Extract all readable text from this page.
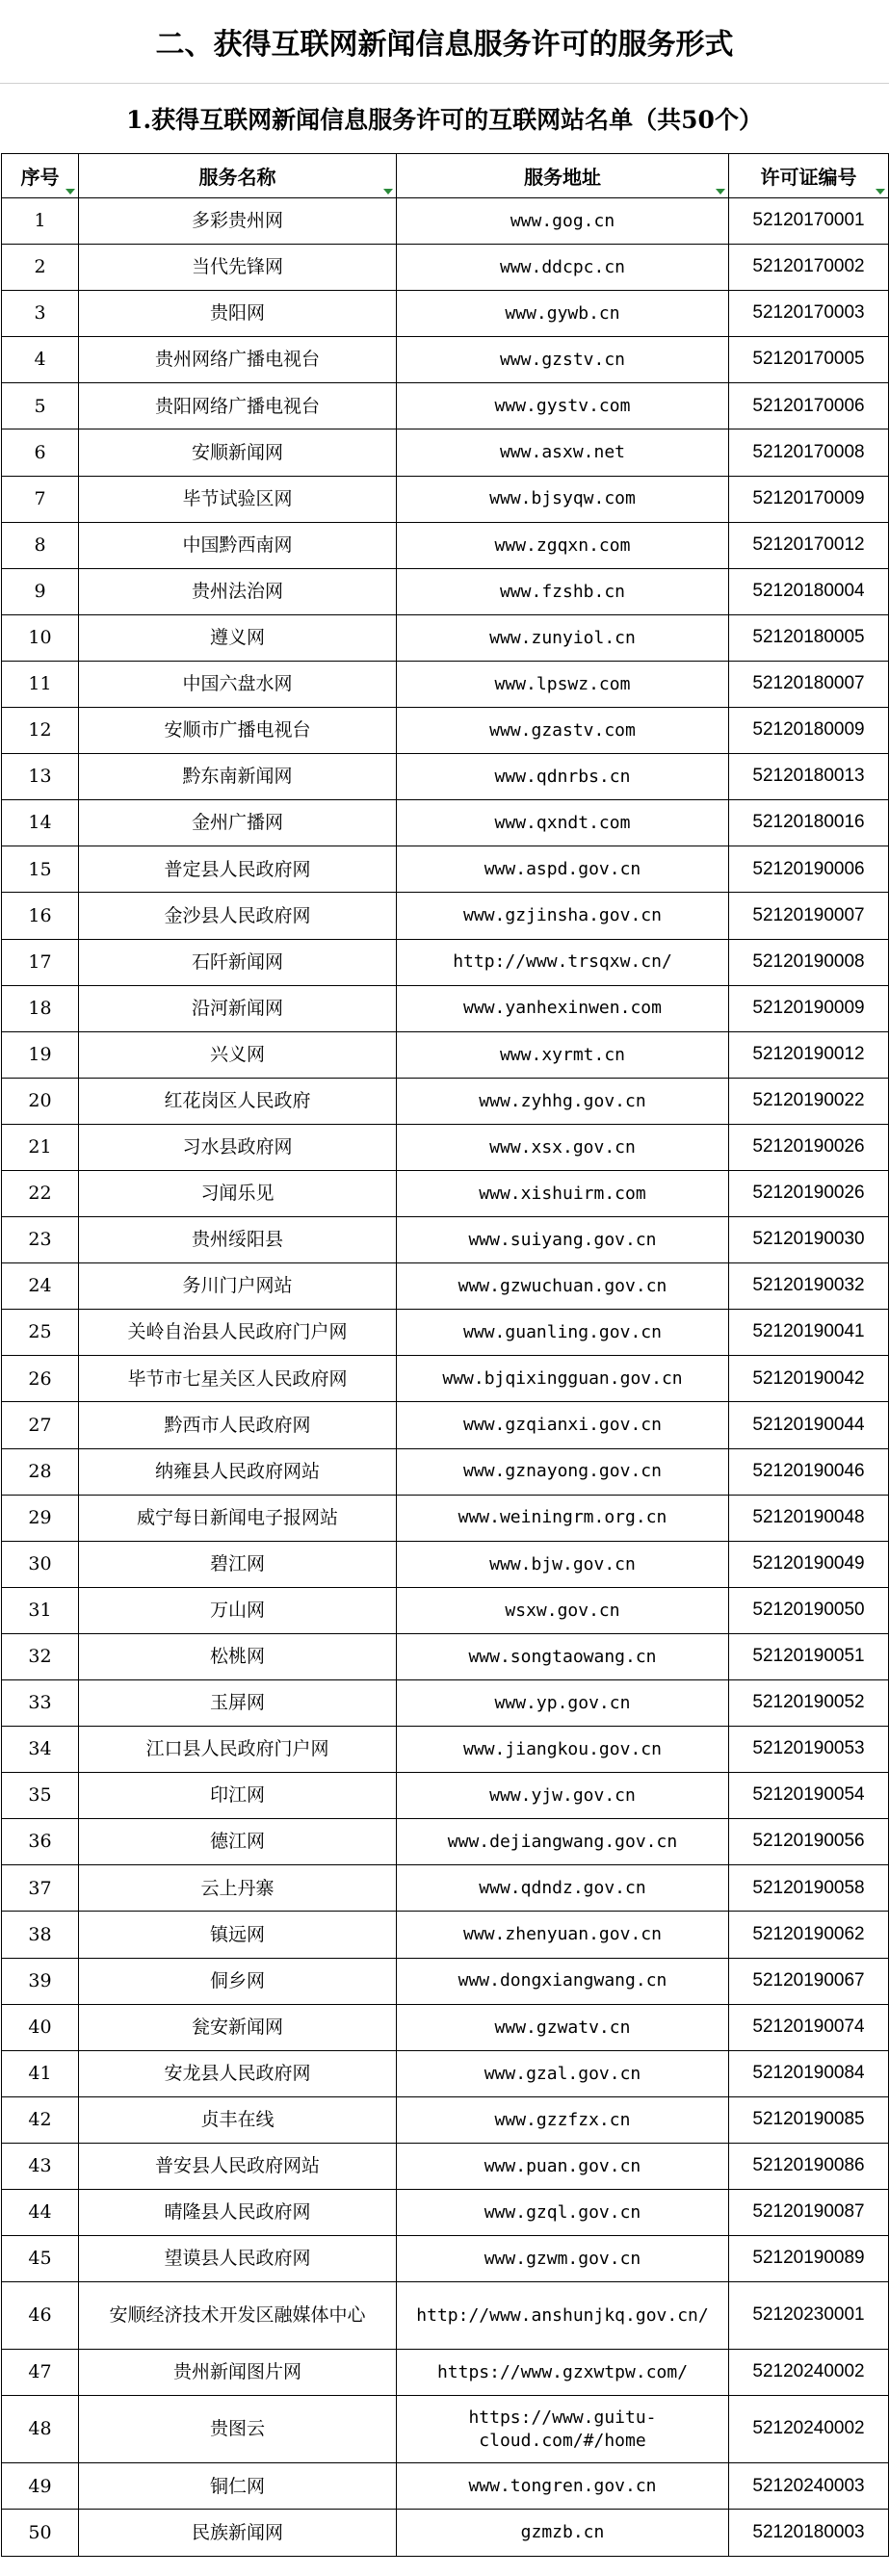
二、获得互联网新闻信息服务许可的服务形式
1.获得互联网新闻信息服务许可的互联网站名单（共50个）
序号	服务名称	服务地址	许可证编号

1	多彩贵州网	www.gog.cn	52120170001
2	当代先锋网	www.ddcpc.cn	52120170002
3	贵阳网	www.gywb.cn	52120170003
4	贵州网络广播电视台	www.gzstv.cn	52120170005
5	贵阳网络广播电视台	www.gystv.com	52120170006
6	安顺新闻网	www.asxw.net	52120170008
7	毕节试验区网	www.bjsyqw.com	52120170009
8	中国黔西南网	www.zgqxn.com	52120170012
9	贵州法治网	www.fzshb.cn	52120180004
10	遵义网	www.zunyiol.cn	52120180005
11	中国六盘水网	www.lpswz.com	52120180007
12	安顺市广播电视台	www.gzastv.com	52120180009
13	黔东南新闻网	www.qdnrbs.cn	52120180013
14	金州广播网	www.qxndt.com	52120180016
15	普定县人民政府网	www.aspd.gov.cn	52120190006
16	金沙县人民政府网	www.gzjinsha.gov.cn	52120190007
17	石阡新闻网	http://www.trsqxw.cn/	52120190008
18	沿河新闻网	www.yanhexinwen.com	52120190009
19	兴义网	www.xyrmt.cn	52120190012
20	红花岗区人民政府	www.zyhhg.gov.cn	52120190022
21	习水县政府网	www.xsx.gov.cn	52120190026
22	习闻乐见	www.xishuirm.com	52120190026
23	贵州绥阳县	www.suiyang.gov.cn	52120190030
24	务川门户网站	www.gzwuchuan.gov.cn	52120190032
25	关岭自治县人民政府门户网	www.guanling.gov.cn	52120190041
26	毕节市七星关区人民政府网	www.bjqixingguan.gov.cn	52120190042
27	黔西市人民政府网	www.gzqianxi.gov.cn	52120190044
28	纳雍县人民政府网站	www.gznayong.gov.cn	52120190046
29	威宁每日新闻电子报网站	www.weiningrm.org.cn	52120190048
30	碧江网	www.bjw.gov.cn	52120190049
31	万山网	wsxw.gov.cn	52120190050
32	松桃网	www.songtaowang.cn	52120190051
33	玉屏网	www.yp.gov.cn	52120190052
34	江口县人民政府门户网	www.jiangkou.gov.cn	52120190053
35	印江网	www.yjw.gov.cn	52120190054
36	德江网	www.dejiangwang.gov.cn	52120190056
37	云上丹寨	www.qdndz.gov.cn	52120190058
38	镇远网	www.zhenyuan.gov.cn	52120190062
39	侗乡网	www.dongxiangwang.cn	52120190067
40	瓮安新闻网	www.gzwatv.cn	52120190074
41	安龙县人民政府网	www.gzal.gov.cn	52120190084
42	贞丰在线	www.gzzfzx.cn	52120190085
43	普安县人民政府网站	www.puan.gov.cn	52120190086
44	晴隆县人民政府网	www.gzql.gov.cn	52120190087
45	望谟县人民政府网	www.gzwm.gov.cn	52120190089
46	安顺经济技术开发区融媒体中心	http://www.anshunjkq.gov.cn/	52120230001
47	贵州新闻图片网	https://www.gzxwtpw.com/	52120240002
48	贵图云	https://www.guitu-cloud.com/#/home	52120240002
49	铜仁网	www.tongren.gov.cn	52120240003
50	民族新闻网	gzmzb.cn	52120180003
